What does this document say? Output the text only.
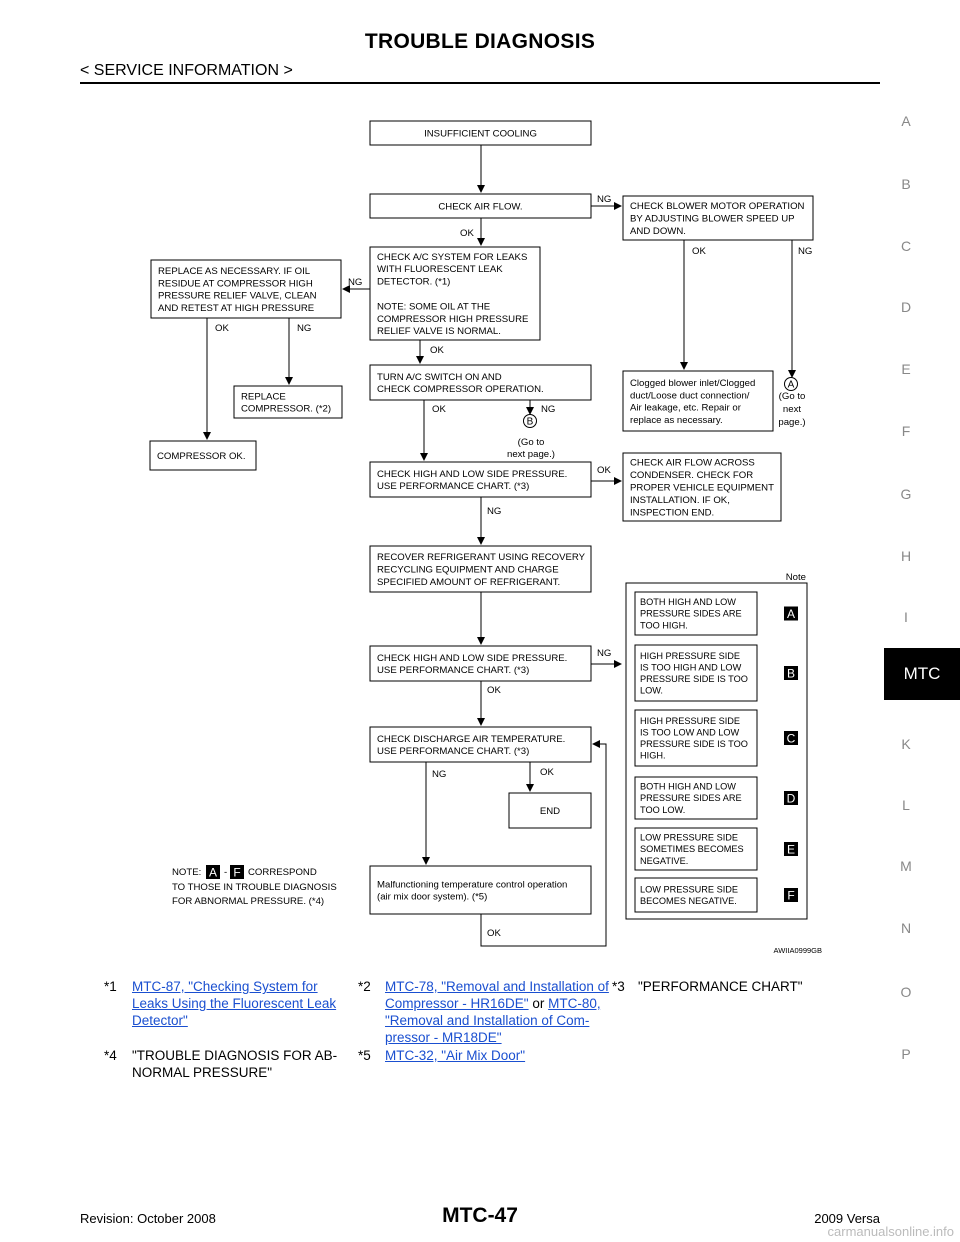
TROUBLE DIAGNOSIS
< SERVICE INFORMATION >
A
B
C
D
E
F
G
H
I
K
L
M
N
O
P
MTC
INSUFFICIENT COOLING
CHECK AIR FLOW.	CHECK BLOWER MOTOR OPERATION
BY ADJUSTING BLOWER SPEED UP
AND DOWN.
CHECK A/C SYSTEM FOR LEAKS
WITH FLUORESCENT LEAK
DETECTOR. (*1)
NOTE: SOME OIL AT THE
COMPRESSOR HIGH PRESSURE
RELIEF VALVE IS NORMAL.
REPLACE AS NECESSARY. IF OIL
RESIDUE AT COMPRESSOR HIGH
PRESSURE RELIEF VALVE, CLEAN
AND RETEST AT HIGH PRESSURE
REPLACE
COMPRESSOR. (*2)
COMPRESSOR OK.
TURN A/C SWITCH ON AND
CHECK COMPRESSOR OPERATION.
Clogged blower inlet/Clogged
duct/Loose duct connection/
Air leakage, etc. Repair or
replace as necessary.
CHECK HIGH AND LOW SIDE PRESSURE.
USE PERFORMANCE CHART. (*3)
CHECK AIR FLOW ACROSS
CONDENSER. CHECK FOR
PROPER VEHICLE EQUIPMENT
INSTALLATION. IF OK,
INSPECTION END.
RECOVER REFRIGERANT USING RECOVERY
RECYCLING EQUIPMENT AND CHARGE
SPECIFIED AMOUNT OF REFRIGERANT.
CHECK HIGH AND LOW SIDE PRESSURE.
USE PERFORMANCE CHART. (*3)
CHECK DISCHARGE AIR TEMPERATURE.
USE PERFORMANCE CHART. (*3)
END
Malfunctioning temperature control operation
(air mix door system). (*5)
BOTH HIGH AND LOW
PRESSURE SIDES ARE
TOO HIGH.
A
HIGH PRESSURE SIDE
IS TOO HIGH AND LOW
PRESSURE SIDE IS TOO
LOW.
B
HIGH PRESSURE SIDE
IS TOO LOW AND LOW
PRESSURE SIDE IS TOO
HIGH.
C
BOTH HIGH AND LOW
PRESSURE SIDES ARE
TOO LOW.
D
LOW PRESSURE SIDE
SOMETIMES BECOMES
NEGATIVE.
E
LOW PRESSURE SIDE
BECOMES NEGATIVE.	F
Note
NG
OK
NG
OK
OK	NG
OK	NG
A
(Go to
next
page.)
OK	NG
B
(Go to
next page.)
OK
NG
NG
OK
NG	OK
OK
NOTE: A - F CORRESPOND
TO THOSE IN TROUBLE DIAGNOSIS
FOR ABNORMAL PRESSURE. (*4)
AWIIA0999GB
*1 MTC-87, "Checking System for
Leaks Using the Fluorescent Leak
Detector"
*2 MTC-78, "Removal and Installation of
Compressor - HR16DE" or MTC-80,
"Removal and Installation of Com-
pressor - MR18DE"
*3 "PERFORMANCE CHART"
*4 "TROUBLE DIAGNOSIS FOR AB-
NORMAL PRESSURE"
*5 MTC-32, "Air Mix Door"
Revision: October 2008	MTC-47	2009 Versa
carmanualsonline.info
